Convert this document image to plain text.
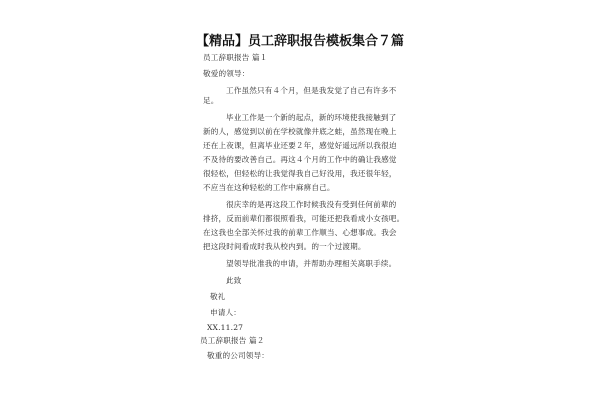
【精品】员工辞职报告模板集合７篇
员工辞职报告 篇１
敬爱的领导：
工作虽然只有４个月，但是我发觉了自己有许多不
足。
毕业工作是一个新的起点，新的环境使我接触到了
新的人，感觉到以前在学校就像井底之蛙，虽然现在晚上
还在上夜课，但离毕业还要２年，感觉好遥远所以我很迫
不及待的要改善自己。再这４个月的工作中的确让我感觉
很轻松，但轻松的让我觉得我自己好没用，我还很年轻，
不应当在这种轻松的工作中麻痹自己。
很庆幸的是再这段工作时候我没有受到任何前辈的
排挤，反而前辈们都很照看我，可能还把我看成小女孩吧。
在这我也全部关怀过我的前辈工作顺当、心想事成。我会
把这段时间看成时我从校内到。的一个过渡期。
望领导批准我的申请，并帮助办理相关离职手续。
此致
敬礼
申请人：
XX.11.27
员工辞职报告 篇２
敬重的公司领导：
